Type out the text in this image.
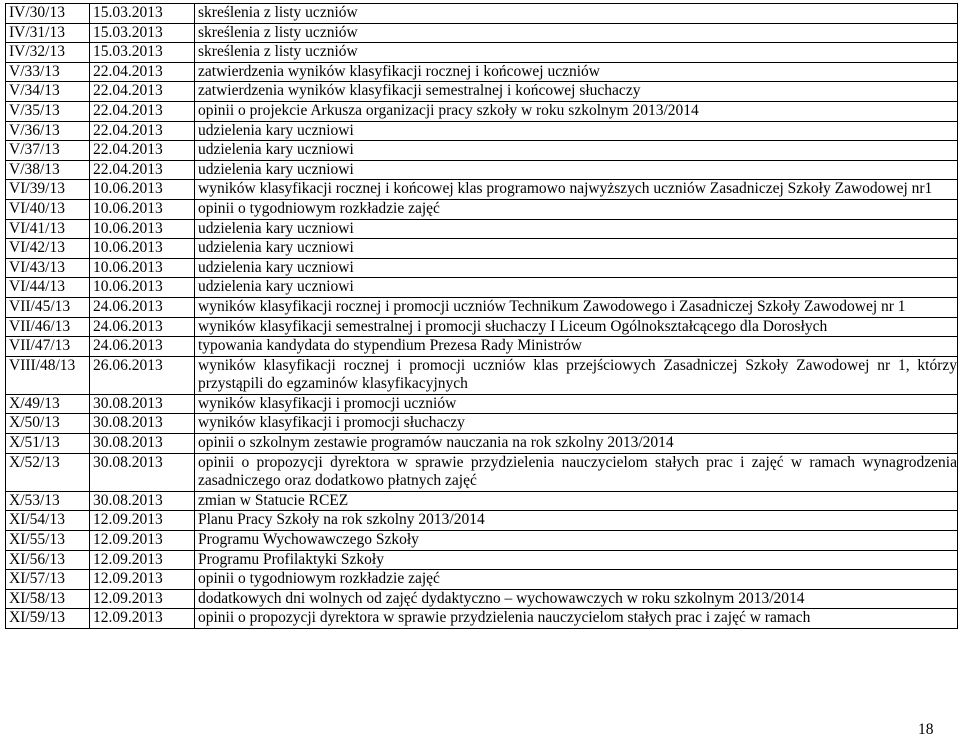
IV/30/13	15.03.2013	skreślenia z listy uczniów
IV/31/13	15.03.2013	skreślenia z listy uczniów
IV/32/13	15.03.2013	skreślenia z listy uczniów
V/33/13	22.04.2013	zatwierdzenia wyników klasyfikacji rocznej i końcowej uczniów
V/34/13	22.04.2013	zatwierdzenia wyników klasyfikacji semestralnej i końcowej słuchaczy
V/35/13	22.04.2013	opinii o projekcie Arkusza organizacji pracy szkoły w roku szkolnym 2013/2014
V/36/13	22.04.2013	udzielenia kary uczniowi
V/37/13	22.04.2013	udzielenia kary uczniowi
V/38/13	22.04.2013	udzielenia kary uczniowi
VI/39/13	10.06.2013	wyników klasyfikacji rocznej i końcowej klas programowo najwyższych uczniów Zasadniczej Szkoły Zawodowej nr1
VI/40/13	10.06.2013	opinii o tygodniowym rozkładzie zajęć
VI/41/13	10.06.2013	udzielenia kary uczniowi
VI/42/13	10.06.2013	udzielenia kary uczniowi
VI/43/13	10.06.2013	udzielenia kary uczniowi
VI/44/13	10.06.2013	udzielenia kary uczniowi
VII/45/13	24.06.2013	wyników klasyfikacji rocznej i promocji uczniów Technikum Zawodowego i Zasadniczej Szkoły Zawodowej nr 1
VII/46/13	24.06.2013	wyników klasyfikacji semestralnej i promocji słuchaczy I Liceum Ogólnokształcącego dla Dorosłych
VII/47/13	24.06.2013	typowania kandydata do stypendium Prezesa Rady Ministrów
VIII/48/13	26.06.2013	wyników klasyfikacji rocznej i promocji uczniów klas przejściowych Zasadniczej Szkoły Zawodowej nr 1, którzy przystąpili do egzaminów klasyfikacyjnych
X/49/13	30.08.2013	wyników klasyfikacji i promocji uczniów
X/50/13	30.08.2013	wyników klasyfikacji i promocji słuchaczy
X/51/13	30.08.2013	opinii o szkolnym zestawie programów nauczania na rok szkolny 2013/2014
X/52/13	30.08.2013	opinii o propozycji dyrektora w sprawie przydzielenia nauczycielom stałych prac i zajęć w ramach wynagrodzenia zasadniczego oraz dodatkowo płatnych zajęć
X/53/13	30.08.2013	zmian w Statucie RCEZ
XI/54/13	12.09.2013	Planu Pracy Szkoły na rok szkolny 2013/2014
XI/55/13	12.09.2013	Programu Wychowawczego Szkoły
XI/56/13	12.09.2013	Programu Profilaktyki Szkoły
XI/57/13	12.09.2013	opinii o tygodniowym rozkładzie zajęć
XI/58/13	12.09.2013	dodatkowych dni wolnych od zajęć dydaktyczno – wychowawczych w roku szkolnym 2013/2014
XI/59/13	12.09.2013	opinii o propozycji dyrektora w sprawie przydzielenia nauczycielom stałych prac i zajęć w ramach
18
